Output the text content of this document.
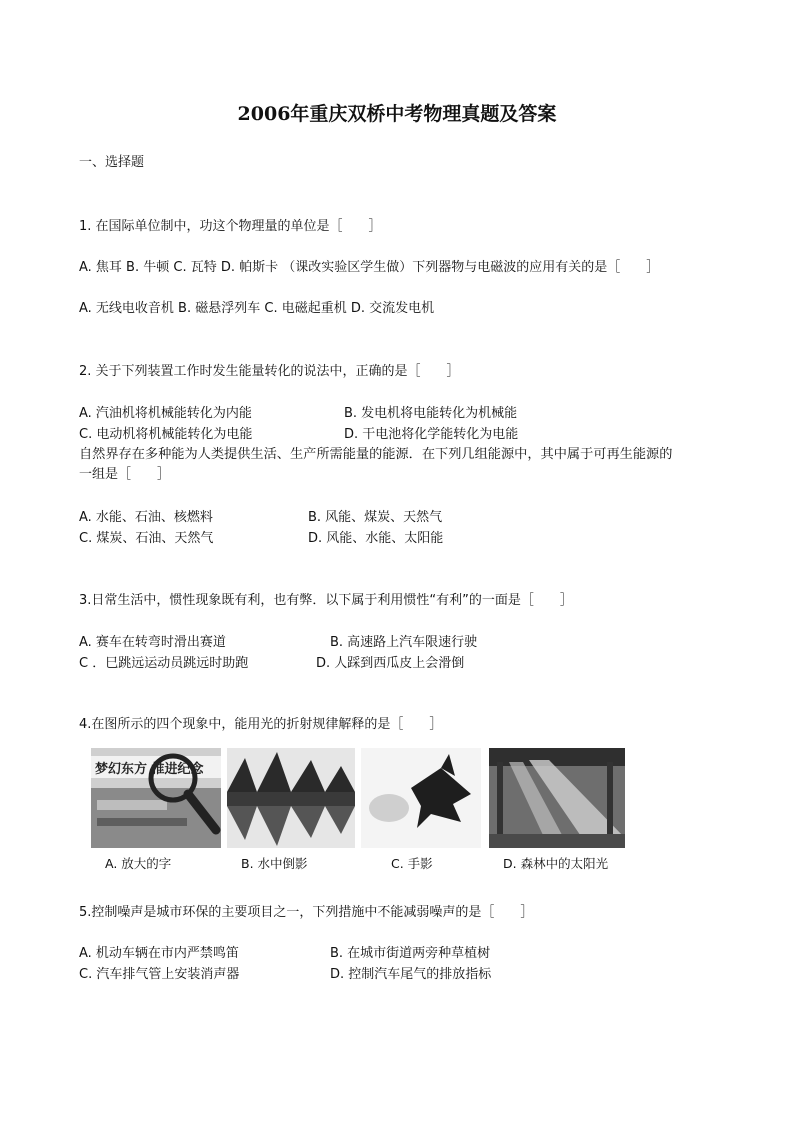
2006年重庆双桥中考物理真题及答案
一、选择题
1. 在国际单位制中，功这个物理量的单位是［　　］
A. 焦耳 B. 牛顿 C. 瓦特 D. 帕斯卡 （课改实验区学生做）下列器物与电磁波的应用有关的是［　　］
A. 无线电收音机 B. 磁悬浮列车 C. 电磁起重机 D. 交流发电机
2. 关于下列装置工作时发生能量转化的说法中，正确的是［　　］
A. 汽油机将机械能转化为内能	B. 发电机将电能转化为机械能
C. 电动机将机械能转化为电能	D. 干电池将化学能转化为电能
自然界存在多种能为人类提供生活、生产所需能量的能源．在下列几组能源中，其中属于可再生能源的
一组是［　　］
A. 水能、石油、核燃料	B. 风能、煤炭、天然气
C. 煤炭、石油、天然气	D. 风能、水能、太阳能
3.日常生活中，惯性现象既有利，也有弊．以下属于利用惯性“有利”的一面是［　　］
A. 赛车在转弯时滑出赛道	B. 高速路上汽车限速行驶
C ．巳跳远运动员跳远时助跑	D. 人踩到西瓜皮上会滑倒
4.在图所示的四个现象中，能用光的折射规律解释的是［　　］
梦幻东方 推进纪念
A. 放大的字	B. 水中倒影	C. 手影	D. 森林中的太阳光
5.控制噪声是城市环保的主要项目之一，下列措施中不能减弱噪声的是［　　］
A. 机动车辆在市内严禁鸣笛	B. 在城市街道两旁种草植树
C. 汽车排气管上安装消声器	D. 控制汽车尾气的排放指标
